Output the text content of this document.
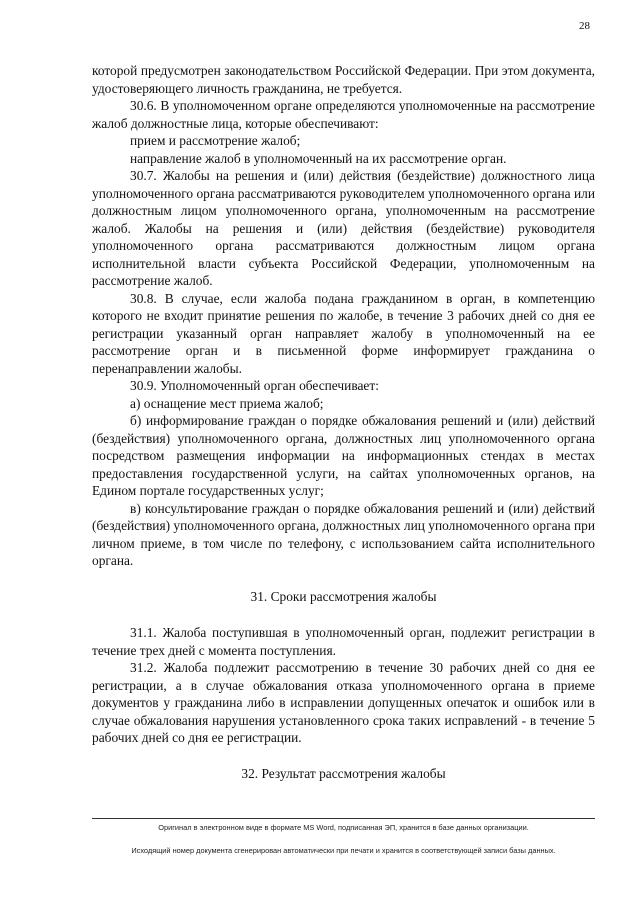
28

которой предусмотрен законодательством Российской Федерации. При этом документа, удостоверяющего личность гражданина, не требуется.

30.6. В уполномоченном органе определяются уполномоченные на рассмотрение жалоб должностные лица, которые обеспечивают:

прием и рассмотрение жалоб;

направление жалоб в уполномоченный на их рассмотрение орган.

30.7. Жалобы на решения и (или) действия (бездействие) должностного лица уполномоченного органа рассматриваются руководителем уполномоченного органа или должностным лицом уполномоченного органа, уполномоченным на рассмотрение жалоб. Жалобы на решения и (или) действия (бездействие) руководителя уполномоченного органа рассматриваются должностным лицом органа исполнительной власти субъекта Российской Федерации, уполномоченным на рассмотрение жалоб.

30.8. В случае, если жалоба подана гражданином в орган, в компетенцию которого не входит принятие решения по жалобе, в течение 3 рабочих дней со дня ее регистрации указанный орган направляет жалобу в уполномоченный на ее рассмотрение орган и в письменной форме информирует гражданина о перенаправлении жалобы.

30.9. Уполномоченный орган обеспечивает:

а) оснащение мест приема жалоб;

б) информирование граждан о порядке обжалования решений и (или) действий (бездействия) уполномоченного органа, должностных лиц уполномоченного органа посредством размещения информации на информационных стендах в местах предоставления государственной услуги, на сайтах уполномоченных органов, на Едином портале государственных услуг;

в) консультирование граждан о порядке обжалования решений и (или) действий (бездействия) уполномоченного органа, должностных лиц уполномоченного органа при личном приеме, в том числе по телефону, с использованием сайта исполнительного органа.

31. Сроки рассмотрения жалобы

31.1. Жалоба поступившая в уполномоченный орган, подлежит регистрации в течение трех дней с момента поступления.

31.2. Жалоба подлежит рассмотрению в течение 30 рабочих дней со дня ее регистрации, а в случае обжалования отказа уполномоченного органа в приеме документов у гражданина либо в исправлении допущенных опечаток и ошибок или в случае обжалования нарушения установленного срока таких исправлений - в течение 5 рабочих дней со дня ее регистрации.

32. Результат рассмотрения жалобы

Оригинал в электронном виде в формате MS Word, подписанная ЭП, хранится в базе данных организации.
Исходящий номер документа сгенерирован автоматически при печати и хранится в соответствующей записи базы данных.
